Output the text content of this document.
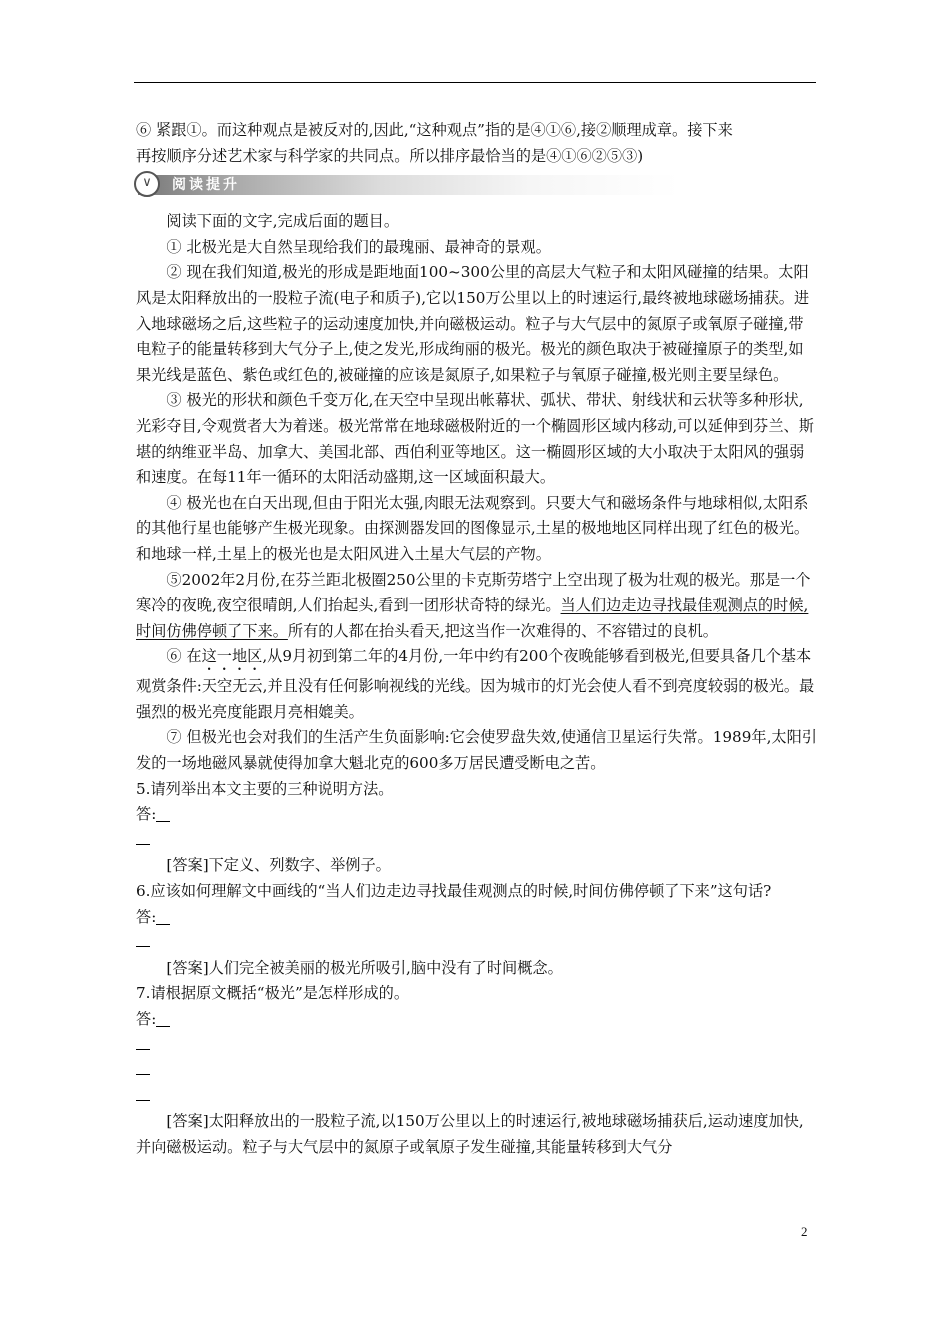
⑥ 紧跟①。而这种观点是被反对的,因此,“这种观点”指的是④①⑥,接②顺理成章。接下来

再按顺序分述艺术家与科学家的共同点。所以排序最恰当的是④①⑥②⑤③)

∨	阅读提升

阅读下面的文字,完成后面的题目。

① 北极光是大自然呈现给我们的最瑰丽、最神奇的景观。

② 现在我们知道,极光的形成是距地面100~300公里的高层大气粒子和太阳风碰撞的结果。太阳风是太阳释放出的一股粒子流(电子和质子),它以150万公里以上的时速运行,最终被地球磁场捕获。进入地球磁场之后,这些粒子的运动速度加快,并向磁极运动。粒子与大气层中的氮原子或氧原子碰撞,带电粒子的能量转移到大气分子上,使之发光,形成绚丽的极光。极光的颜色取决于被碰撞原子的类型,如果光线是蓝色、紫色或红色的,被碰撞的应该是氮原子,如果粒子与氧原子碰撞,极光则主要呈绿色。

③ 极光的形状和颜色千变万化,在天空中呈现出帐幕状、弧状、带状、射线状和云状等多种形状,光彩夺目,令观赏者大为着迷。极光常常在地球磁极附近的一个椭圆形区域内移动,可以延伸到芬兰、斯堪的纳维亚半岛、加拿大、美国北部、西伯利亚等地区。这一椭圆形区域的大小取决于太阳风的强弱和速度。在每11年一循环的太阳活动盛期,这一区域面积最大。

④ 极光也在白天出现,但由于阳光太强,肉眼无法观察到。只要大气和磁场条件与地球相似,太阳系的其他行星也能够产生极光现象。由探测器发回的图像显示,土星的极地地区同样出现了红色的极光。和地球一样,土星上的极光也是太阳风进入土星大气层的产物。

⑤2002年2月份,在芬兰距北极圈250公里的卡克斯劳塔宁上空出现了极为壮观的极光。那是一个寒冷的夜晚,夜空很晴朗,人们抬起头,看到一团形状奇特的绿光。当人们边走边寻找最佳观测点的时候,时间仿佛停顿了下来。所有的人都在抬头看天,把这当作一次难得的、不容错过的良机。

⑥ 在这一地区,从9月初到第二年的4月份,一年中约有200个夜晚能够看到极光,但要具备几个基本观赏条件:天空无云,并且没有任何影响视线的光线。因为城市的灯光会使人看不到亮度较弱的极光。最强烈的极光亮度能跟月亮相媲美。

⑦ 但极光也会对我们的生活产生负面影响:它会使罗盘失效,使通信卫星运行失常。1989年,太阳引发的一场地磁风暴就使得加拿大魁北克的600多万居民遭受断电之苦。

5.请列举出本文主要的三种说明方法。

答:

[答案]下定义、列数字、举例子。

6.应该如何理解文中画线的“当人们边走边寻找最佳观测点的时候,时间仿佛停顿了下来”这句话?

答:

[答案]人们完全被美丽的极光所吸引,脑中没有了时间概念。

7.请根据原文概括“极光”是怎样形成的。

答:

[答案]太阳释放出的一股粒子流,以150万公里以上的时速运行,被地球磁场捕获后,运动速度加快,并向磁极运动。粒子与大气层中的氮原子或氧原子发生碰撞,其能量转移到大气分

2
